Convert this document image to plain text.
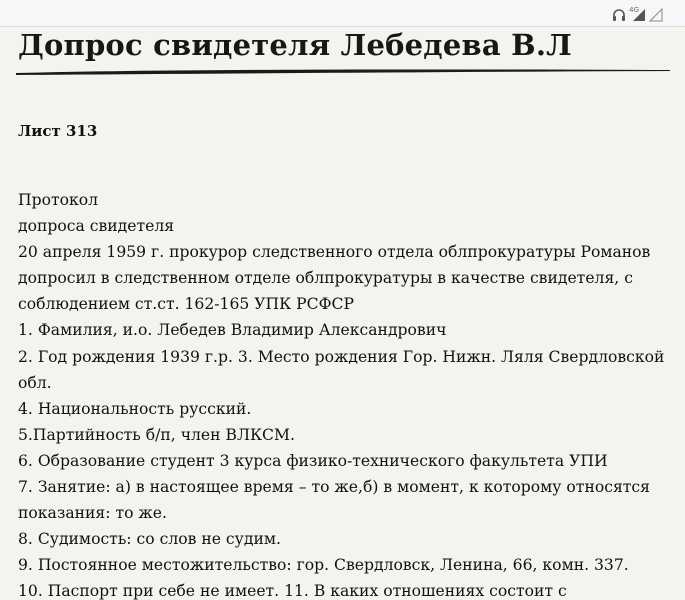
4G
Допрос свидетеля Лебедева В.Л
Лист 313
Протокол
допроса свидетеля
20 апреля 1959 г. прокурор следственного отдела облпрокуратуры Романов
допросил в следственном отделе облпрокуратуры в качестве свидетеля, с
соблюдением ст.ст. 162-165 УПК РСФСР
1. Фамилия, и.о. Лебедев Владимир Александрович
2. Год рождения 1939 г.р. 3. Место рождения Гор. Нижн. Ляля Свердловской
обл.
4. Национальность русский.
5.Партийность б/п, член ВЛКСМ.
6. Образование студент 3 курса физико-технического факультета УПИ
7. Занятие: а) в настоящее время – то же,б) в момент, к которому относятся
показания: то же.
8. Судимость: со слов не судим.
9. Постоянное местожительство: гор. Свердловск, Ленина, 66, комн. 337.
10. Паспорт при себе не имеет. 11. В каких отношениях состоит с
